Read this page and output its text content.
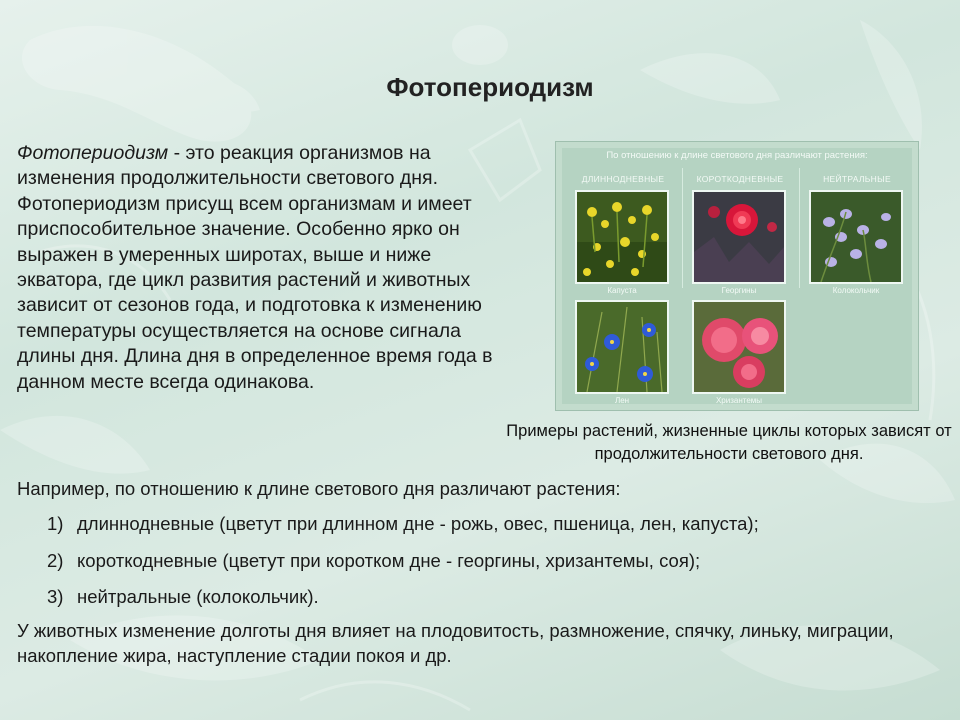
Фотопериодизм
Фотопериодизм - это реакция организмов на изменения продолжительности светового дня. Фотопериодизм присущ всем организмам и имеет приспособительное значение. Особенно ярко он выражен в умеренных широтах, выше и ниже экватора, где цикл развития растений и животных зависит от сезонов года, и подготовка к изменению температуры осуществляется на основе сигнала длины дня. Длина дня в определенное время года в данном месте всегда одинакова.
По отношению к длине светового дня различают растения:
ДЛИННОДНЕВНЫЕ	КОРОТКОДНЕВНЫЕ	НЕЙТРАЛЬНЫЕ
Капуста	Георгины	Колокольчик
Лен	Хризантемы
Примеры растений, жизненные циклы которых зависят от продолжительности светового дня.
Например, по отношению к длине светового дня различают растения:
1) длиннодневные (цветут при длинном дне - рожь, овес, пшеница, лен, капуста);
2) короткодневные (цветут при коротком дне - георгины, хризантемы, соя);
3) нейтральные (колокольчик).
У животных изменение долготы дня влияет на плодовитость, размножение, спячку, линьку, миграции, накопление жира, наступление стадии покоя и др.
